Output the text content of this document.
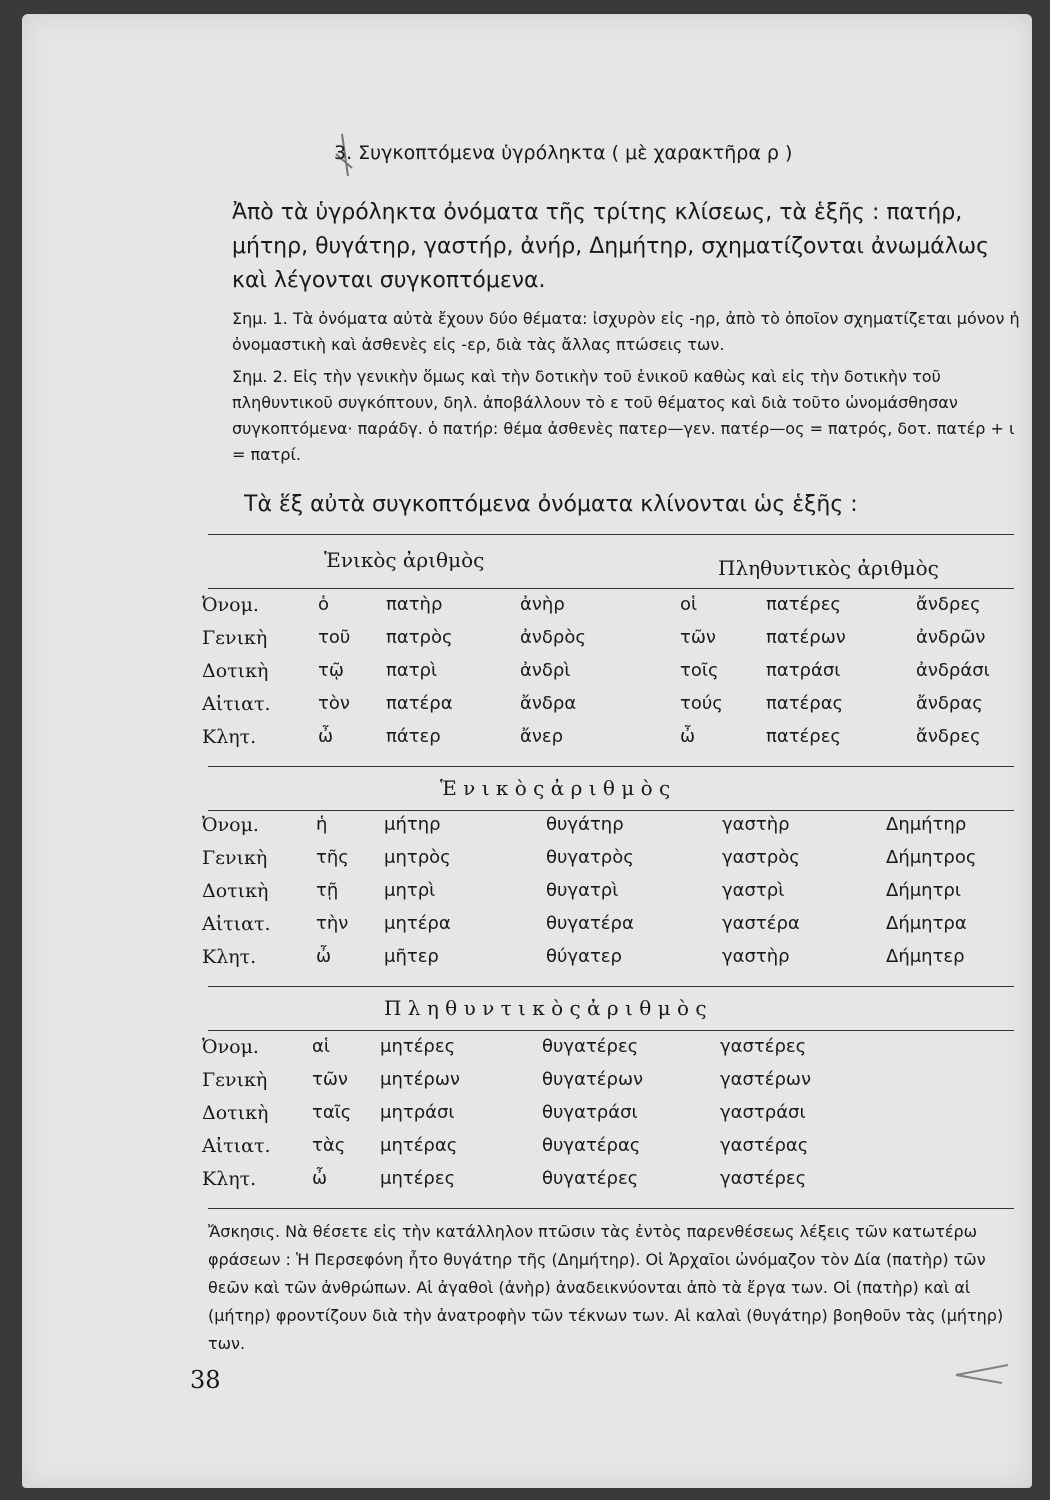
3. Συγκοπτόμενα ὑγρόληκτα ( μὲ χαρακτῆρα ρ )
Ἀπὸ τὰ ὑγρόληκτα ὀνόματα τῆς τρίτης κλίσεως, τὰ ἑξῆς : πατήρ, μήτηρ, θυγάτηρ, γαστήρ, ἀνήρ, Δημήτηρ, σχηματίζονται ἀνωμάλως καὶ λέγονται συγκοπτόμενα.
Σημ. 1. Τὰ ὀνόματα αὐτὰ ἔχουν δύο θέματα: ἰσχυρὸν εἰς -ηρ, ἀπὸ τὸ ὁποῖον σχηματίζεται μόνον ἡ ὀνομαστικὴ καὶ ἀσθενὲς εἰς -ερ, διὰ τὰς ἄλλας πτώσεις των.
Σημ. 2. Εἰς τὴν γενικὴν ὅμως καὶ τὴν δοτικὴν τοῦ ἑνικοῦ καθὼς καὶ εἰς τὴν δοτικὴν τοῦ πληθυντικοῦ συγκόπτουν, δηλ. ἀποβάλλουν τὸ ε τοῦ θέματος καὶ διὰ τοῦτο ὠνομάσθησαν συγκοπτόμενα· παράδγ. ὁ πατήρ: θέμα ἀσθενὲς πατερ—γεν. πατέρ—ος = πατρός, δοτ. πατέρ + ι = πατρί.
Τὰ ἕξ αὐτὰ συγκοπτόμενα ὀνόματα κλίνονται ὡς ἑξῆς :
Ἑνικὸς ἀριθμὸς	Πληθυντικὸς ἀριθμὸς
Ὀνομ.	ὁ	πατὴρ	ἀνὴρ	οἱ	πατέρες	ἄνδρες
Γενικὴ	τοῦ πατρὸς	ἀνδρὸς	τῶν	πατέρων	ἀνδρῶν
Δοτικὴ	τῷ πατρὶ	ἀνδρὶ	τοῖς	πατράσι	ἀνδράσι
Αἰτιατ.	τὸν πατέρα	ἄνδρα	τούς πατέρας	ἄνδρας
Κλητ.	ὦ	πάτερ	ἄνερ	ὦ	πατέρες	ἄνδρες
Ἑ ν ι κ ὸ ς ἀ ρ ι θ μ ὸ ς
Ὀνομ.	ἡ	μήτηρ	θυγάτηρ	γαστὴρ	Δημήτηρ
Γενικὴ	τῆς μητρὸς	θυγατρὸς	γαστρὸς	Δήμητρος
Δοτικὴ	τῇ	μητρὶ	θυγατρὶ	γαστρὶ	Δήμητρι
Αἰτιατ.	τὴν μητέρα	θυγατέρα	γαστέρα	Δήμητρα
Κλητ.	ὦ	μῆτερ	θύγατερ	γαστὴρ	Δήμητερ
Π λ η θ υ ν τ ι κ ὸ ς ἀ ρ ι θ μ ὸ ς
Ὀνομ.	αἱ	μητέρες	θυγατέρες	γαστέρες
Γενικὴ τῶν μητέρων	θυγατέρων	γαστέρων
Δοτικὴ ταῖς μητράσι	θυγατράσι	γαστράσι
Αἰτιατ. τὰς μητέρας	θυγατέρας	γαστέρας
Κλητ.	ὦ	μητέρες	θυγατέρες	γαστέρες
Ἄσκησις. Νὰ θέσετε εἰς τὴν κατάλληλον πτῶσιν τὰς ἐντὸς παρενθέσεως λέξεις τῶν κατωτέρω φράσεων : Ἡ Περσεφόνη ἦτο θυγάτηρ τῆς (Δημήτηρ). Οἱ Ἀρχαῖοι ὠνόμαζον τὸν Δία (πατὴρ) τῶν θεῶν καὶ τῶν ἀνθρώπων. Αἱ ἀγαθοὶ (ἀνὴρ) ἀναδεικνύονται ἀπὸ τὰ ἔργα των. Οἱ (πατὴρ) καὶ αἱ (μήτηρ) φροντίζουν διὰ τὴν ἀνατροφὴν τῶν τέκνων των. Αἱ καλαὶ (θυγάτηρ) βοηθοῦν τὰς (μήτηρ) των.
38
